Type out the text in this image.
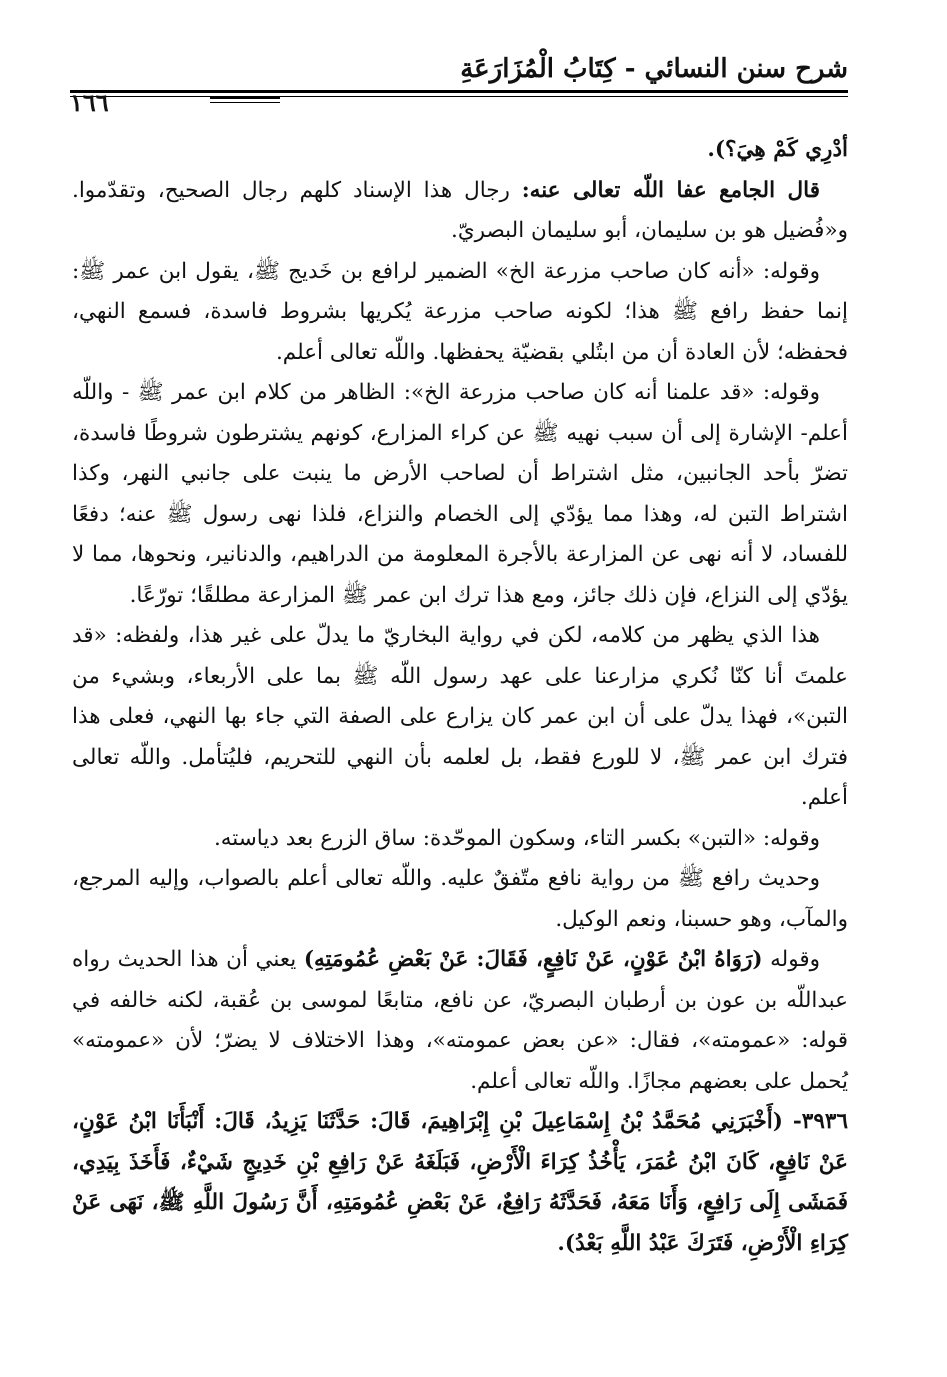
شرح سنن النسائي - كِتَابُ الْمُزَارَعَةِ
١٦٦

أدْرِي كَمْ هِيَ؟).

قال الجامع عفا اللّه تعالى عنه: رجال هذا الإسناد كلهم رجال الصحيح، وتقدّموا. و«فُضيل هو بن سليمان، أبو سليمان البصريّ.

وقوله: «أنه كان صاحب مزرعة الخ» الضمير لرافع بن خَديج ﷺ، يقول ابن عمر ﷺ: إنما حفظ رافع ﷺ هذا؛ لكونه صاحب مزرعة يُكريها بشروط فاسدة، فسمع النهي، فحفظه؛ لأن العادة أن من ابتُلي بقضيّة يحفظها. واللّه تعالى أعلم.

وقوله: «قد علمنا أنه كان صاحب مزرعة الخ»: الظاهر من كلام ابن عمر ﷺ - واللّه أعلم- الإشارة إلى أن سبب نهيه ﷺ عن كراء المزارع، كونهم يشترطون شروطًا فاسدة، تضرّ بأحد الجانبين، مثل اشتراط أن لصاحب الأرض ما ينبت على جانبي النهر، وكذا اشتراط التبن له، وهذا مما يؤدّي إلى الخصام والنزاع، فلذا نهى رسول ﷺ عنه؛ دفعًا للفساد، لا أنه نهى عن المزارعة بالأجرة المعلومة من الدراهيم، والدنانير، ونحوها، مما لا يؤدّي إلى النزاع، فإن ذلك جائز، ومع هذا ترك ابن عمر ﷺ المزارعة مطلقًا؛ تورّعًا.

هذا الذي يظهر من كلامه، لكن في رواية البخاريّ ما يدلّ على غير هذا، ولفظه: «قد علمتَ أنا كنّا نُكري مزارعنا على عهد رسول اللّه ﷺ بما على الأربعاء، وبشيء من التبن»، فهذا يدلّ على أن ابن عمر كان يزارع على الصفة التي جاء بها النهي، فعلى هذا فترك ابن عمر ﷺ، لا للورع فقط، بل لعلمه بأن النهي للتحريم، فليُتأمل. واللّه تعالى أعلم.

وقوله: «التبن» بكسر التاء، وسكون الموحّدة: ساق الزرع بعد دياسته.

وحديث رافع ﷺ من رواية نافع متّفقٌ عليه. واللّه تعالى أعلم بالصواب، وإليه المرجع، والمآب، وهو حسبنا، ونعم الوكيل.

وقوله (رَوَاهُ ابْنُ عَوْنٍ، عَنْ نَافِعٍ، فَقَالَ: عَنْ بَعْضِ عُمُومَتِهِ) يعني أن هذا الحديث رواه عبداللّه بن عون بن أرطبان البصريّ، عن نافع، متابعًا لموسى بن عُقبة، لكنه خالفه في قوله: «عمومته»، فقال: «عن بعض عمومته»، وهذا الاختلاف لا يضرّ؛ لأن «عمومته» يُحمل على بعضهم مجازًا. واللّه تعالى أعلم.

٣٩٣٦- (أَخْبَرَنِي مُحَمَّدُ بْنُ إِسْمَاعِيلَ بْنِ إِبْرَاهِيمَ، قَالَ: حَدَّثَنَا يَزِيدُ، قَالَ: أَنْبَأَنَا ابْنُ عَوْنٍ، عَنْ نَافِعٍ، كَانَ ابْنُ عُمَرَ، يَأْخُذُ كِرَاءَ الْأَرْضِ، فَبَلَغَهُ عَنْ رَافِعِ بْنِ خَدِيجٍ شَيْءٌ، فَأَخَذَ بِيَدِي، فَمَشَى إِلَى رَافِعٍ، وَأَنَا مَعَهُ، فَحَدَّثَهُ رَافِعٌ، عَنْ بَعْضِ عُمُومَتِهِ، أَنَّ رَسُولَ اللَّهِ ﷺ، نَهَى عَنْ كِرَاءِ الْأَرْضِ، فَتَرَكَ عَبْدُ اللَّهِ بَعْدُ).
